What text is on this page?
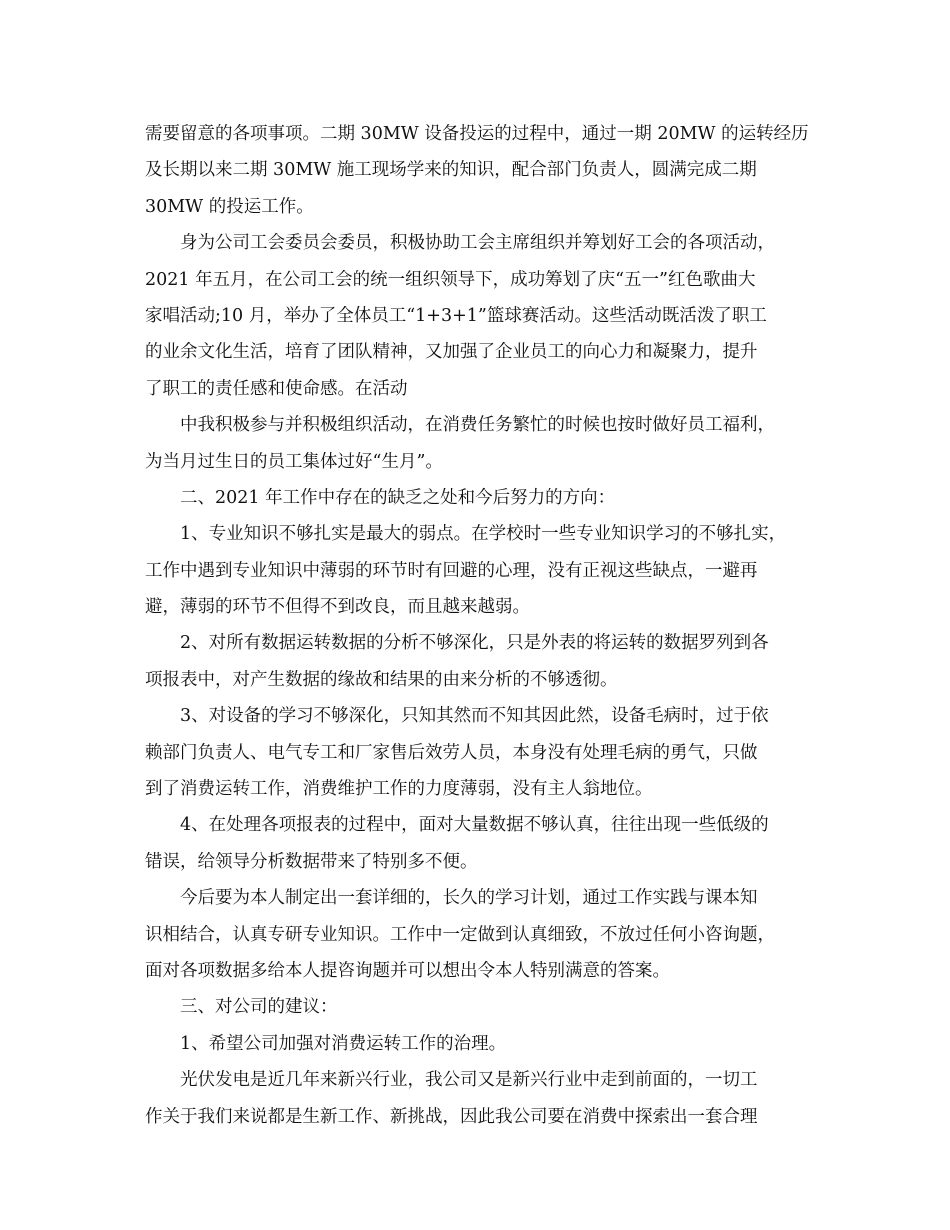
需要留意的各项事项。二期 30MW 设备投运的过程中，通过一期 20MW 的运转经历
及长期以来二期 30MW 施工现场学来的知识，配合部门负责人，圆满完成二期
30MW 的投运工作。
身为公司工会委员会委员，积极协助工会主席组织并筹划好工会的各项活动，
2021 年五月，在公司工会的统一组织领导下，成功筹划了庆“五一”红色歌曲大
家唱活动;10 月，举办了全体员工“1+3+1”篮球赛活动。这些活动既活泼了职工
的业余文化生活，培育了团队精神，又加强了企业员工的向心力和凝聚力，提升
了职工的责任感和使命感。在活动
中我积极参与并积极组织活动，在消费任务繁忙的时候也按时做好员工福利，
为当月过生日的员工集体过好“生月”。
二、2021 年工作中存在的缺乏之处和今后努力的方向：
1、专业知识不够扎实是最大的弱点。在学校时一些专业知识学习的不够扎实，
工作中遇到专业知识中薄弱的环节时有回避的心理，没有正视这些缺点，一避再
避，薄弱的环节不但得不到改良，而且越来越弱。
2、对所有数据运转数据的分析不够深化，只是外表的将运转的数据罗列到各
项报表中，对产生数据的缘故和结果的由来分析的不够透彻。
3、对设备的学习不够深化，只知其然而不知其因此然，设备毛病时，过于依
赖部门负责人、电气专工和厂家售后效劳人员，本身没有处理毛病的勇气，只做
到了消费运转工作，消费维护工作的力度薄弱，没有主人翁地位。
4、在处理各项报表的过程中，面对大量数据不够认真，往往出现一些低级的
错误，给领导分析数据带来了特别多不便。
今后要为本人制定出一套详细的，长久的学习计划，通过工作实践与课本知
识相结合，认真专研专业知识。工作中一定做到认真细致，不放过任何小咨询题，
面对各项数据多给本人提咨询题并可以想出令本人特别满意的答案。
三、对公司的建议：
1、希望公司加强对消费运转工作的治理。
光伏发电是近几年来新兴行业，我公司又是新兴行业中走到前面的，一切工
作关于我们来说都是生新工作、新挑战，因此我公司要在消费中探索出一套合理
